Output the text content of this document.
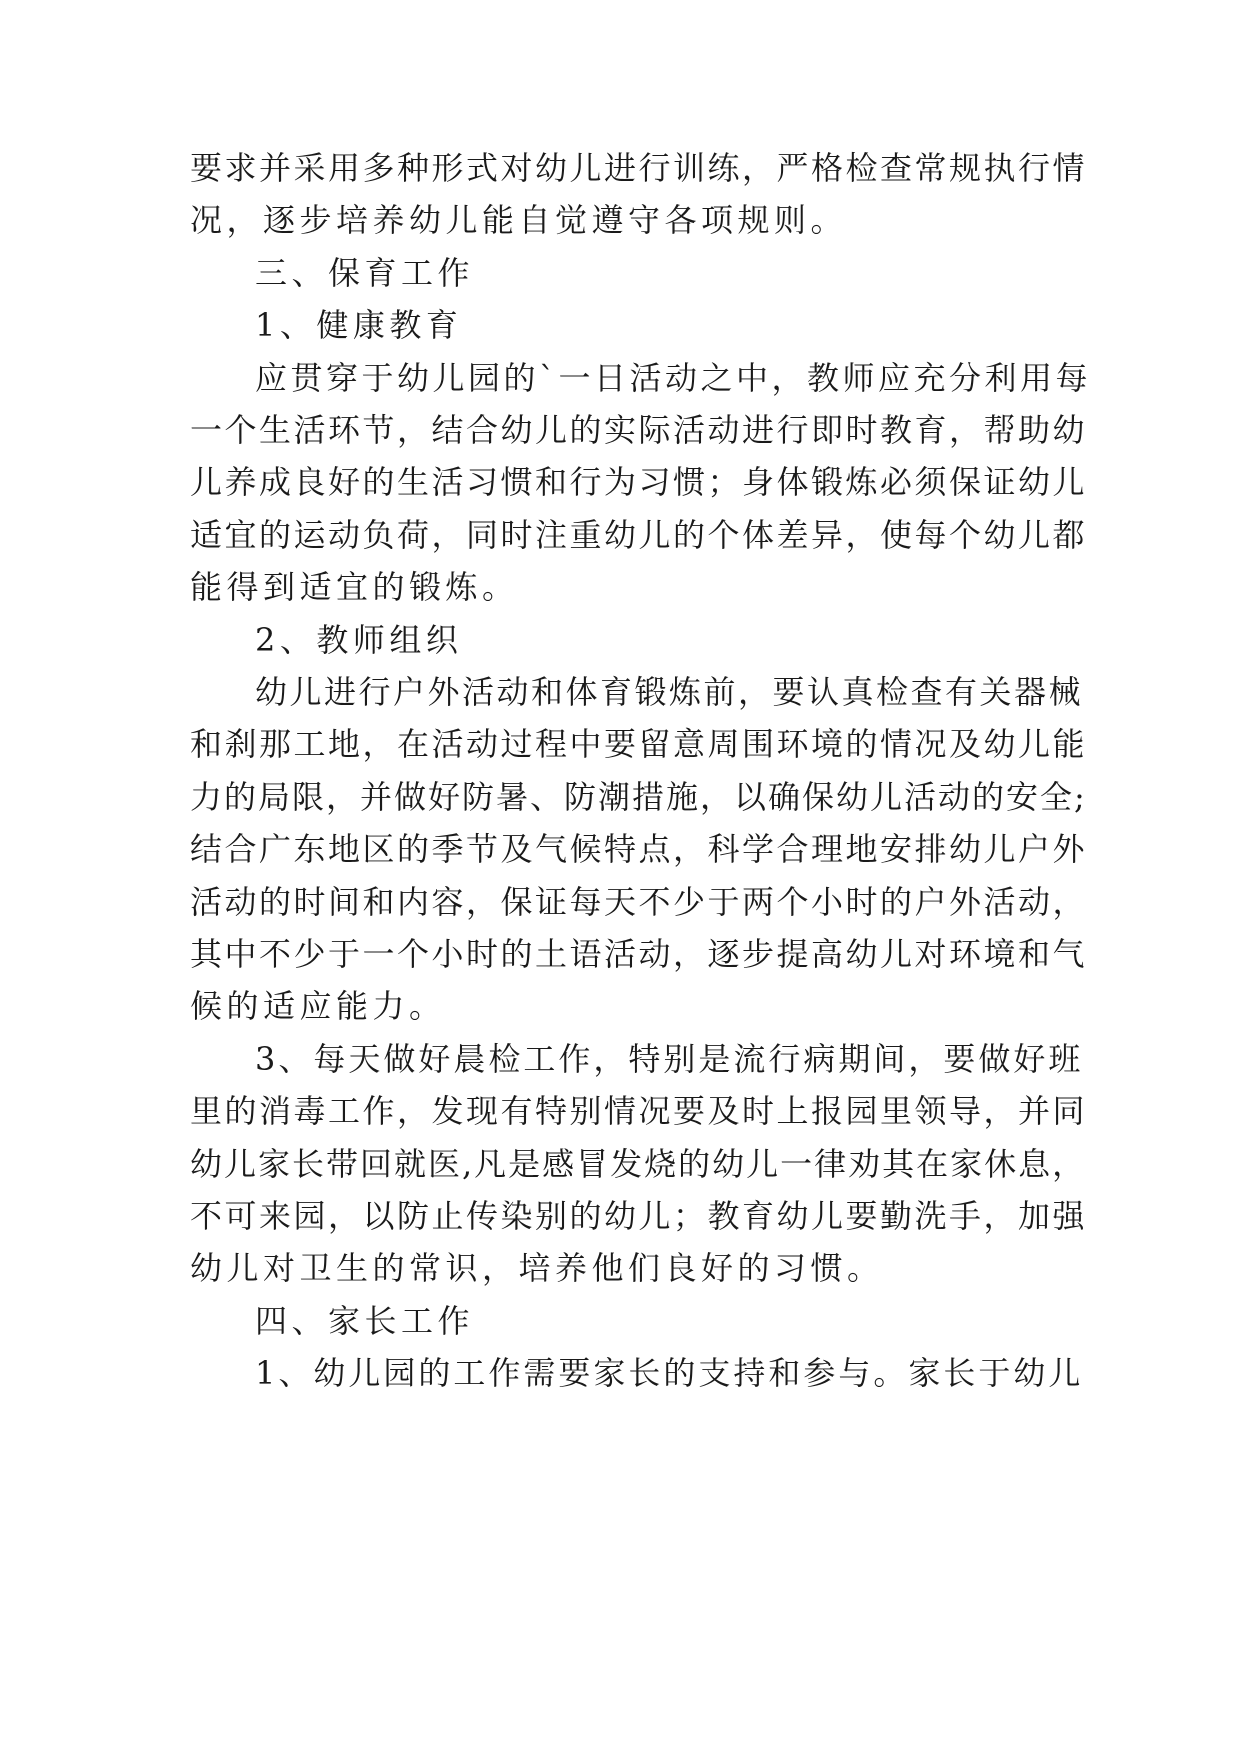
要求并采用多种形式对幼儿进行训练，严格检查常规执行情
况，逐步培养幼儿能自觉遵守各项规则。
三、保育工作
1、健康教育
应贯穿于幼儿园的`一日活动之中，教师应充分利用每
一个生活环节，结合幼儿的实际活动进行即时教育，帮助幼
儿养成良好的生活习惯和行为习惯；身体锻炼必须保证幼儿
适宜的运动负荷，同时注重幼儿的个体差异，使每个幼儿都
能得到适宜的锻炼。
2、教师组织
幼儿进行户外活动和体育锻炼前，要认真检查有关器械
和刹那工地，在活动过程中要留意周围环境的情况及幼儿能
力的局限，并做好防暑、防潮措施，以确保幼儿活动的安全;
结合广东地区的季节及气候特点，科学合理地安排幼儿户外
活动的时间和内容，保证每天不少于两个小时的户外活动，
其中不少于一个小时的土语活动，逐步提高幼儿对环境和气
候的适应能力。
3、每天做好晨检工作，特别是流行病期间，要做好班
里的消毒工作，发现有特别情况要及时上报园里领导，并同
幼儿家长带回就医,凡是感冒发烧的幼儿一律劝其在家休息，
不可来园，以防止传染别的幼儿；教育幼儿要勤洗手，加强
幼儿对卫生的常识，培养他们良好的习惯。
四、家长工作
1、幼儿园的工作需要家长的支持和参与。家长于幼儿
